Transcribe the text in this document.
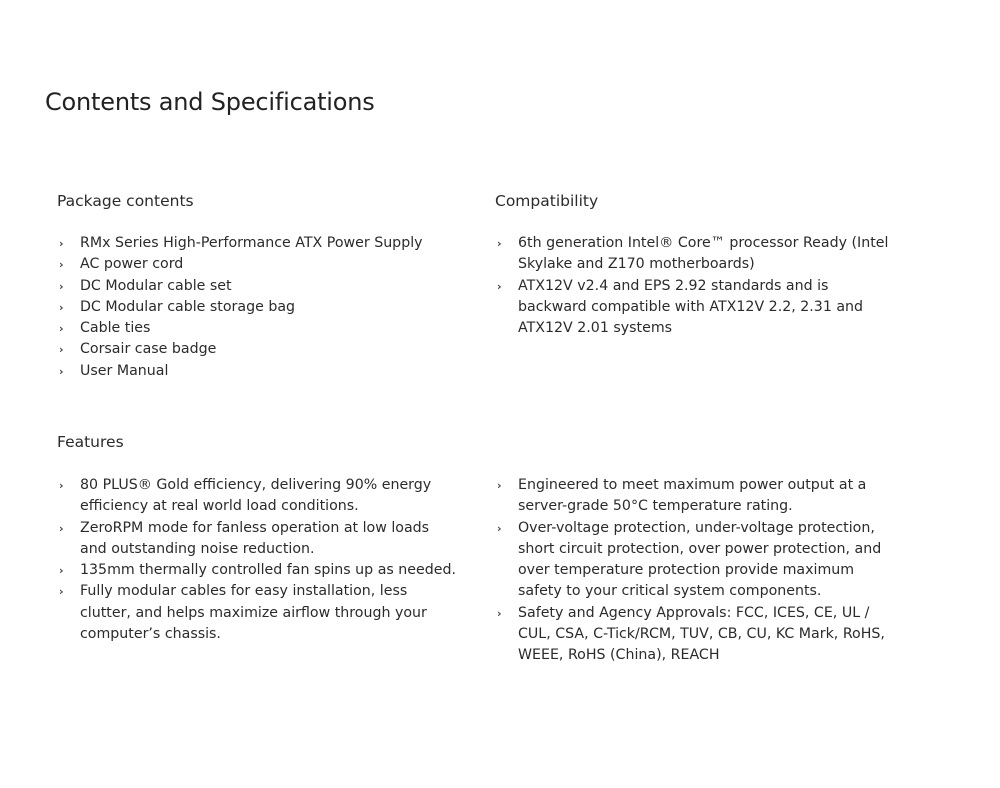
Contents and Specifications
Package contents
› RMx Series High-Performance ATX Power Supply
› AC power cord
› DC Modular cable set
› DC Modular cable storage bag
› Cable ties
› Corsair case badge
› User Manual
Compatibility
› 6th generation Intel® Core™ processor Ready (Intel Skylake and Z170 motherboards)
› ATX12V v2.4 and EPS 2.92 standards and is backward compatible with ATX12V 2.2, 2.31 and ATX12V 2.01 systems
Features
› 80 PLUS® Gold efficiency, delivering 90% energy efficiency at real world load conditions.
› ZeroRPM mode for fanless operation at low loads and outstanding noise reduction.
› 135mm thermally controlled fan spins up as needed.
› Fully modular cables for easy installation, less clutter, and helps maximize airflow through your computer’s chassis.
› Engineered to meet maximum power output at a server-grade 50°C temperature rating.
› Over-voltage protection, under-voltage protection, short circuit protection, over power protection, and over temperature protection provide maximum safety to your critical system components.
› Safety and Agency Approvals: FCC, ICES, CE, UL / CUL, CSA, C-Tick/RCM, TUV, CB, CU, KC Mark, RoHS, WEEE, RoHS (China), REACH
